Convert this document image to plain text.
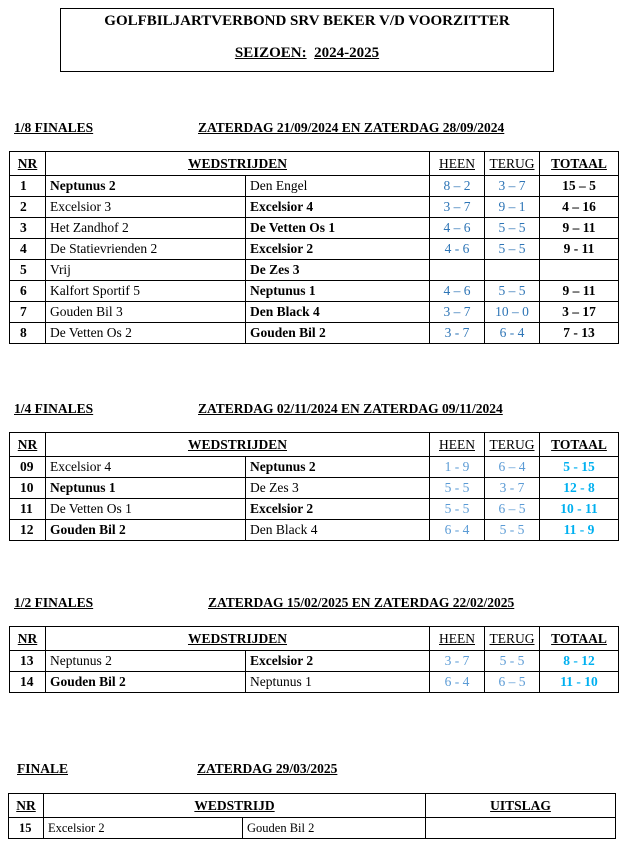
GOLFBILJARTVERBOND SRV BEKER V/D VOORZITTER
SEIZOEN: 2024-2025
1/8 FINALES	ZATERDAG 21/09/2024 EN ZATERDAG 28/09/2024
NR	WEDSTRIJDEN		HEEN	TERUG	TOTAAL
1	Neptunus 2	Den Engel	8 – 2	3 – 7	15 – 5
2	Excelsior 3	Excelsior 4	3 – 7	9 – 1	4 – 16
3	Het Zandhof 2	De Vetten Os 1	4 – 6	5 – 5	9 – 11
4	De Statievrienden 2	Excelsior 2	4 - 6	5 – 5	9 - 11
5	Vrij	De Zes 3			
6	Kalfort Sportif 5	Neptunus 1	4 – 6	5 – 5	9 – 11
7	Gouden Bil 3	Den Black 4	3 – 7	10 – 0	3 – 17
8	De Vetten Os 2	Gouden Bil 2	3 - 7	6 - 4	7 - 13
1/4 FINALES	ZATERDAG 02/11/2024 EN ZATERDAG 09/11/2024
NR	WEDSTRIJDEN		HEEN	TERUG	TOTAAL
09	Excelsior 4	Neptunus 2	1 - 9	6 – 4	5 - 15
10	Neptunus 1	De Zes 3	5 - 5	3 - 7	12 - 8
11	De Vetten Os 1	Excelsior 2	5 - 5	6 – 5	10 - 11
12	Gouden Bil 2	Den Black 4	6 - 4	5 - 5	11 - 9
1/2 FINALES	ZATERDAG 15/02/2025 EN ZATERDAG 22/02/2025
NR	WEDSTRIJDEN		HEEN	TERUG	TOTAAL
13	Neptunus 2	Excelsior 2	3 - 7	5 - 5	8 - 12
14	Gouden Bil 2	Neptunus 1	6 - 4	6 – 5	11 - 10
FINALE	ZATERDAG 29/03/2025
NR	WEDSTRIJD		UITSLAG
15	Excelsior 2	Gouden Bil 2	
